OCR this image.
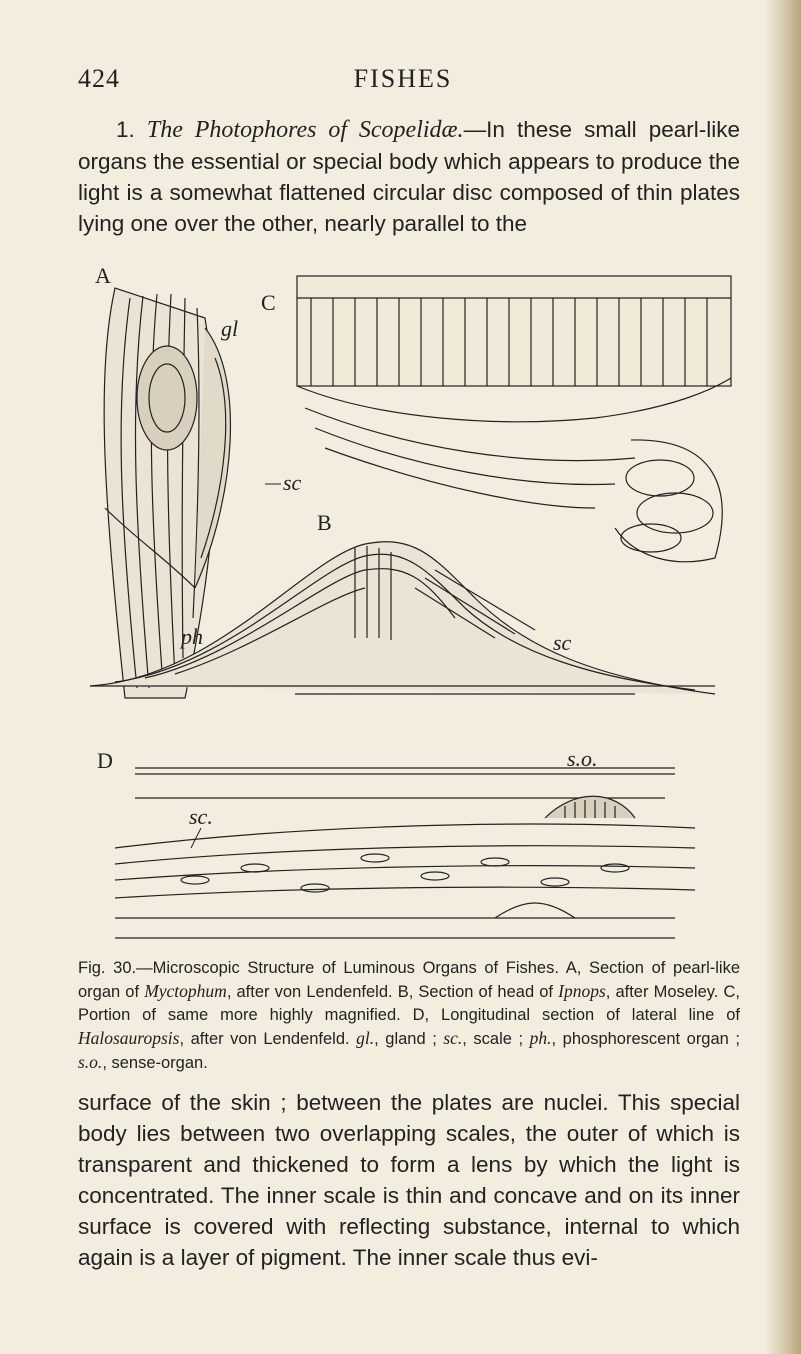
424	FISHES

1. The Photophores of Scopelidæ.—In these small pearl-like organs the essential or special body which appears to produce the light is a somewhat flattened circular disc composed of thin plates lying one over the other, nearly parallel to the

A
C
gl
sc
B
ph	sc
D	s.o.
sc.

Fig. 30.—Microscopic Structure of Luminous Organs of Fishes. A, Section of pearl-like organ of Myctophum, after von Lendenfeld. B, Section of head of Ipnops, after Moseley. C, Portion of same more highly magnified. D, Longitudinal section of lateral line of Halosauropsis, after von Lendenfeld. gl., gland ; sc., scale ; ph., phosphorescent organ ; s.o., sense-organ.

surface of the skin ; between the plates are nuclei. This special body lies between two overlapping scales, the outer of which is transparent and thickened to form a lens by which the light is concentrated. The inner scale is thin and concave and on its inner surface is covered with reflecting substance, internal to which again is a layer of pigment. The inner scale thus evi-
